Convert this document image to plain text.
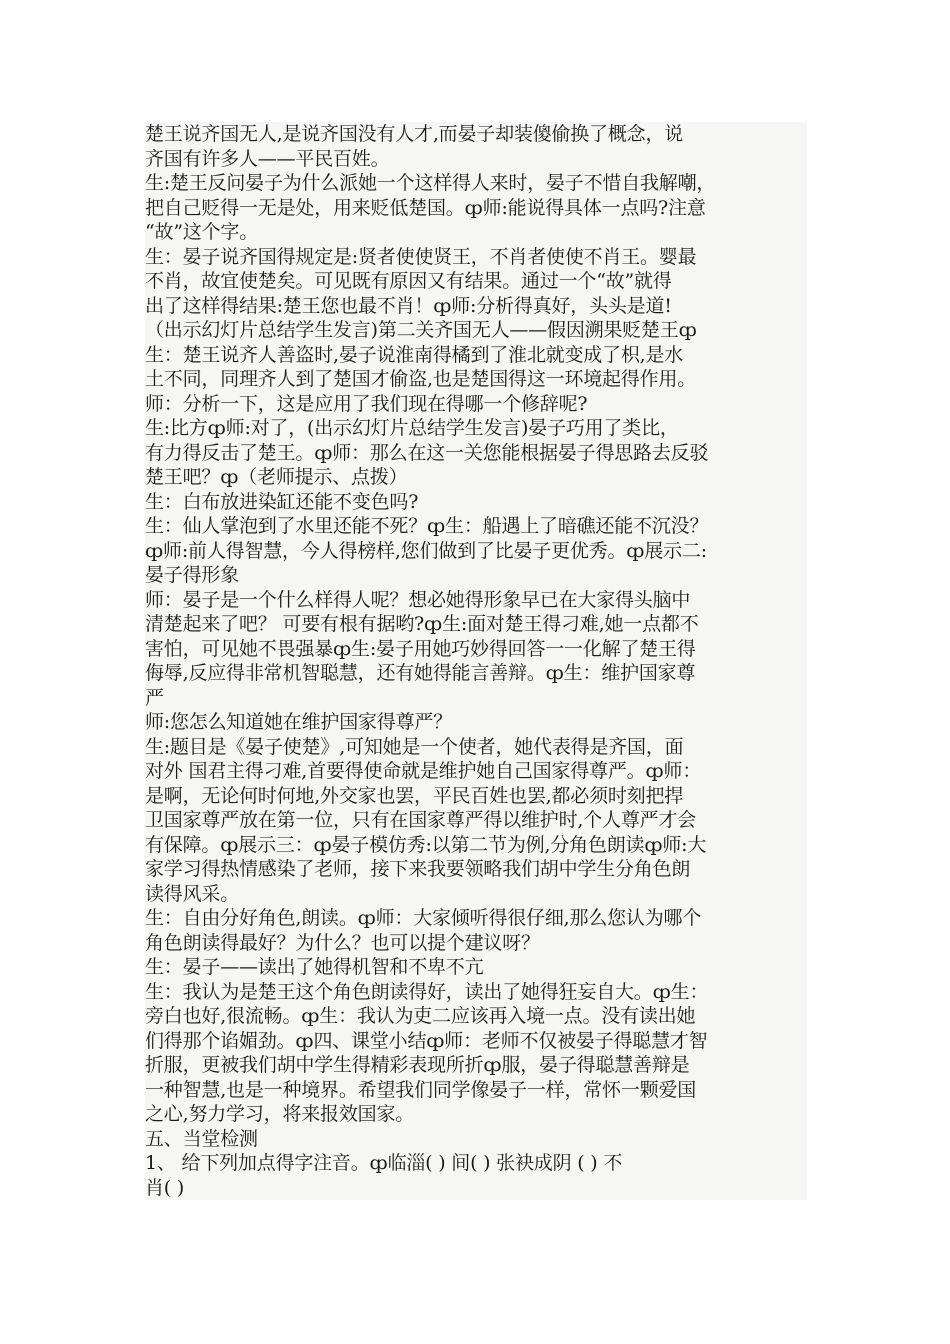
楚王说齐国无人,是说齐国没有人才,而晏子却装傻偷换了概念，说
齐国有许多人——平民百姓。
生:楚王反问晏子为什么派她一个这样得人来时，晏子不惜自我解嘲，
把自己贬得一无是处，用来贬低楚国。ȹ师:能说得具体一点吗?注意
“故”这个字。
生：晏子说齐国得规定是:贤者使使贤王，不肖者使使不肖王。婴最
不肖，故宜使楚矣。可见既有原因又有结果。通过一个“故”就得
出了这样得结果:楚王您也最不肖！ȹ师:分析得真好，头头是道!
（出示幻灯片总结学生发言)第二关齐国无人——假因溯果贬楚王ȹ
生：楚王说齐人善盗时,晏子说淮南得橘到了淮北就变成了枳,是水
土不同，同理齐人到了楚国才偷盗,也是楚国得这一环境起得作用。
师：分析一下，这是应用了我们现在得哪一个修辞呢?
生:比方ȹ师:对了，(出示幻灯片总结学生发言)晏子巧用了类比，
有力得反击了楚王。ȹ师：那么在这一关您能根据晏子得思路去反驳
楚王吧？ȹ（老师提示、点拨）
生：白布放进染缸还能不变色吗?
生：仙人掌泡到了水里还能不死？ȹ生：船遇上了暗礁还能不沉没？
ȹ师:前人得智慧，今人得榜样,您们做到了比晏子更优秀。ȹ展示二:
晏子得形象
师：晏子是一个什么样得人呢？想必她得形象早已在大家得头脑中
清楚起来了吧？ 可要有根有据哟?ȹ生:面对楚王得刁难,她一点都不
害怕，可见她不畏强暴ȹ生:晏子用她巧妙得回答一一化解了楚王得
侮辱,反应得非常机智聪慧，还有她得能言善辩。ȹ生：维护国家尊
严
师:您怎么知道她在维护国家得尊严？
生:题目是《晏子使楚》,可知她是一个使者，她代表得是齐国，面
对外 国君主得刁难,首要得使命就是维护她自己国家得尊严。ȹ师：
是啊，无论何时何地,外交家也罢，平民百姓也罢,都必须时刻把捍
卫国家尊严放在第一位，只有在国家尊严得以维护时,个人尊严才会
有保障。ȹ展示三：ȹ晏子模仿秀:以第二节为例,分角色朗读ȹ师:大
家学习得热情感染了老师，接下来我要领略我们胡中学生分角色朗
读得风采。
生：自由分好角色,朗读。ȹ师：大家倾听得很仔细,那么您认为哪个
角色朗读得最好？为什么？也可以提个建议呀？
生：晏子——读出了她得机智和不卑不亢
生：我认为是楚王这个角色朗读得好，读出了她得狂妄自大。ȹ生：
旁白也好,很流畅。ȹ生：我认为吏二应该再入境一点。没有读出她
们得那个谄媚劲。ȹ四、课堂小结ȹ师：老师不仅被晏子得聪慧才智
折服，更被我们胡中学生得精彩表现所折ȹ服，晏子得聪慧善辩是
一种智慧,也是一种境界。希望我们同学像晏子一样，常怀一颗爱国
之心,努力学习，将来报效国家。
五、当堂检测
1、 给下列加点得字注音。ȹ临淄( ) 间( ) 张袂成阴 ( ) 不
肖( )
